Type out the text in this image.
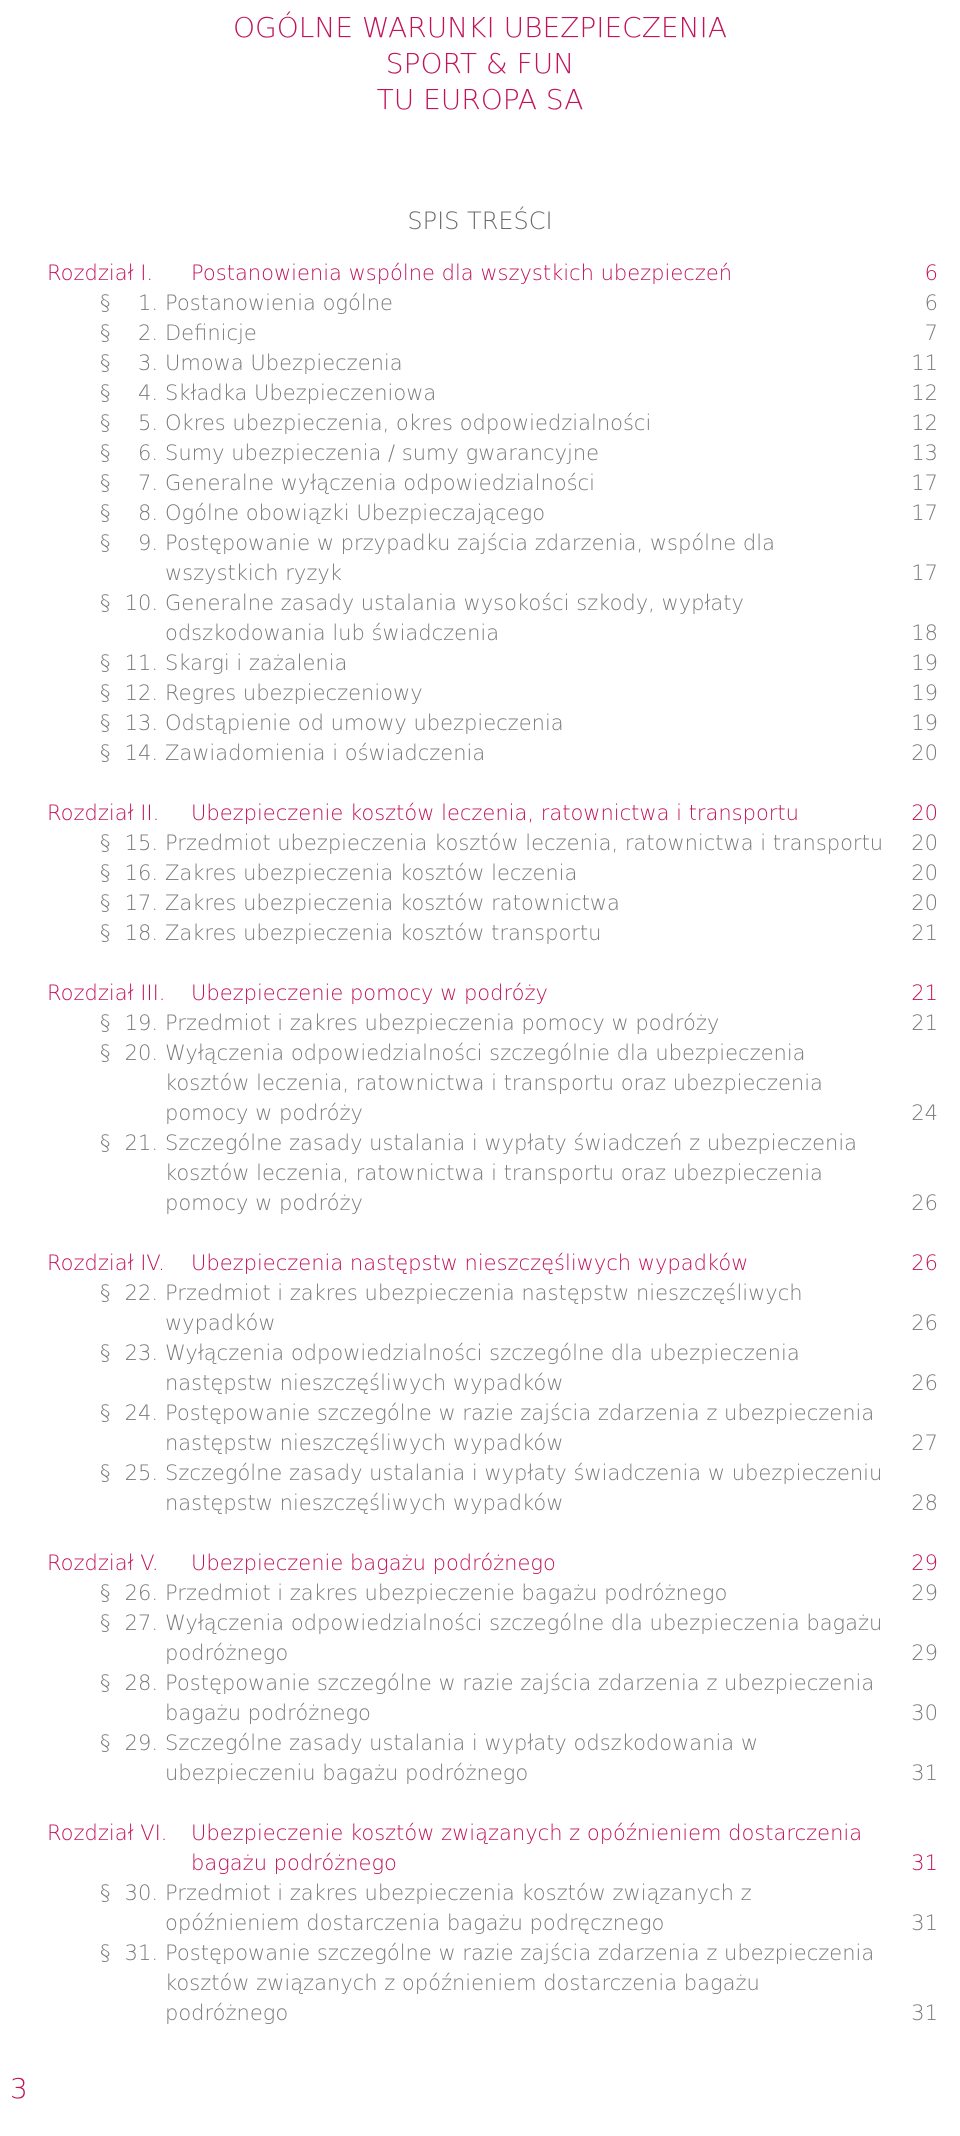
OGÓLNE WARUNKI UBEZPIECZENIA
SPORT & FUN
TU EUROPA SA
SPIS TREŚCI
Rozdział I. Postanowienia wspólne dla wszystkich ubezpieczeń	6
§	1. Postanowienia ogólne	6
§	2. Definicje	7
§	3. Umowa Ubezpieczenia	11
§	4. Składka Ubezpieczeniowa	12
§	5. Okres ubezpieczenia, okres odpowiedzialności	12
§	6. Sumy ubezpieczenia / sumy gwarancyjne	13
§	7. Generalne wyłączenia odpowiedzialności	17
§	8. Ogólne obowiązki Ubezpieczającego	17
§	9. Postępowanie w przypadku zajścia zdarzenia, wspólne dla wszystkich ryzyk	17
§ 10. Generalne zasady ustalania wysokości szkody, wypłaty odszkodowania lub świadczenia	18
§ 11. Skargi i zażalenia	19
§ 12. Regres ubezpieczeniowy	19
§ 13. Odstąpienie od umowy ubezpieczenia	19
§ 14. Zawiadomienia i oświadczenia	20
Rozdział II. Ubezpieczenie kosztów leczenia, ratownictwa i transportu	20
§ 15. Przedmiot ubezpieczenia kosztów leczenia, ratownictwa i transportu	20
§ 16. Zakres ubezpieczenia kosztów leczenia	20
§ 17. Zakres ubezpieczenia kosztów ratownictwa	20
§ 18. Zakres ubezpieczenia kosztów transportu	21
Rozdział III. Ubezpieczenie pomocy w podróży	21
§ 19. Przedmiot i zakres ubezpieczenia pomocy w podróży	21
§ 20. Wyłączenia odpowiedzialności szczególnie dla ubezpieczenia kosztów leczenia, ratownictwa i transportu oraz ubezpieczenia pomocy w podróży	24
§ 21. Szczególne zasady ustalania i wypłaty świadczeń z ubezpieczenia kosztów leczenia, ratownictwa i transportu oraz ubezpieczenia pomocy w podróży	26
Rozdział IV. Ubezpieczenia następstw nieszczęśliwych wypadków	26
§ 22. Przedmiot i zakres ubezpieczenia następstw nieszczęśliwych wypadków	26
§ 23. Wyłączenia odpowiedzialności szczególne dla ubezpieczenia następstw nieszczęśliwych wypadków	26
§ 24. Postępowanie szczególne w razie zajścia zdarzenia z ubezpieczenia następstw nieszczęśliwych wypadków	27
§ 25. Szczególne zasady ustalania i wypłaty świadczenia w ubezpieczeniu następstw nieszczęśliwych wypadków	28
Rozdział V. Ubezpieczenie bagażu podróżnego	29
§ 26. Przedmiot i zakres ubezpieczenie bagażu podróżnego	29
§ 27. Wyłączenia odpowiedzialności szczególne dla ubezpieczenia bagażu podróżnego	29
§ 28. Postępowanie szczególne w razie zajścia zdarzenia z ubezpieczenia bagażu podróżnego	30
§ 29. Szczególne zasady ustalania i wypłaty odszkodowania w ubezpieczeniu bagażu podróżnego	31
Rozdział VI. Ubezpieczenie kosztów związanych z opóźnieniem dostarczenia bagażu podróżnego	31
§ 30. Przedmiot i zakres ubezpieczenia kosztów związanych z opóźnieniem dostarczenia bagażu podręcznego	31
§ 31. Postępowanie szczególne w razie zajścia zdarzenia z ubezpieczenia kosztów związanych z opóźnieniem dostarczenia bagażu podróżnego	31
3
